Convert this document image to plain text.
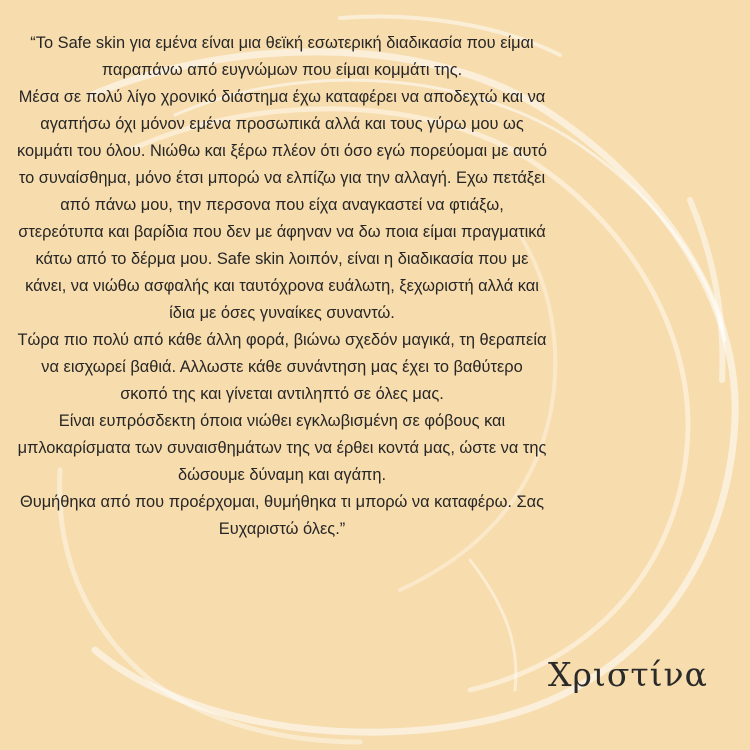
“Το Safe skin για εμένα είναι μια θεϊκή εσωτερική διαδικασία που είμαι παραπάνω από ευγνώμων που είμαι κομμάτι της.

Μέσα σε πολύ λίγο χρονικό διάστημα έχω καταφέρει να αποδεχτώ και να αγαπήσω όχι μόνον εμένα προσωπικά αλλά και τους γύρω μου ως κομμάτι του όλου. Νιώθω και ξέρω πλέον ότι όσο εγώ πορεύομαι με αυτό το συναίσθημα, μόνο έτσι μπορώ να ελπίζω για την αλλαγή. Εχω πετάξει από πάνω μου, την περσονα που είχα αναγκαστεί να φτιάξω, στερεότυπα και βαρίδια που δεν με άφηναν να δω ποια είμαι πραγματικά κάτω από το δέρμα μου. Safe skin λοιπόν, είναι η διαδικασία που με κάνει, να νιώθω ασφαλής και ταυτόχρονα ευάλωτη, ξεχωριστή αλλά και ίδια με όσες γυναίκες συναντώ.

Τώρα πιο πολύ από κάθε άλλη φορά, βιώνω σχεδόν μαγικά, τη θεραπεία να εισχωρεί βαθιά. Αλλωστε κάθε συνάντηση μας έχει το βαθύτερο σκοπό της και γίνεται αντιληπτό σε όλες μας.

Είναι ευπρόσδεκτη όποια νιώθει εγκλωβισμένη σε φόβους και μπλοκαρίσματα των συναισθημάτων της να έρθει κοντά μας, ώστε να της δώσουμε δύναμη και αγάπη.

Θυμήθηκα από που προέρχομαι, θυμήθηκα τι μπορώ να καταφέρω. Σας Ευχαριστώ όλες.”

Χριστίνα
